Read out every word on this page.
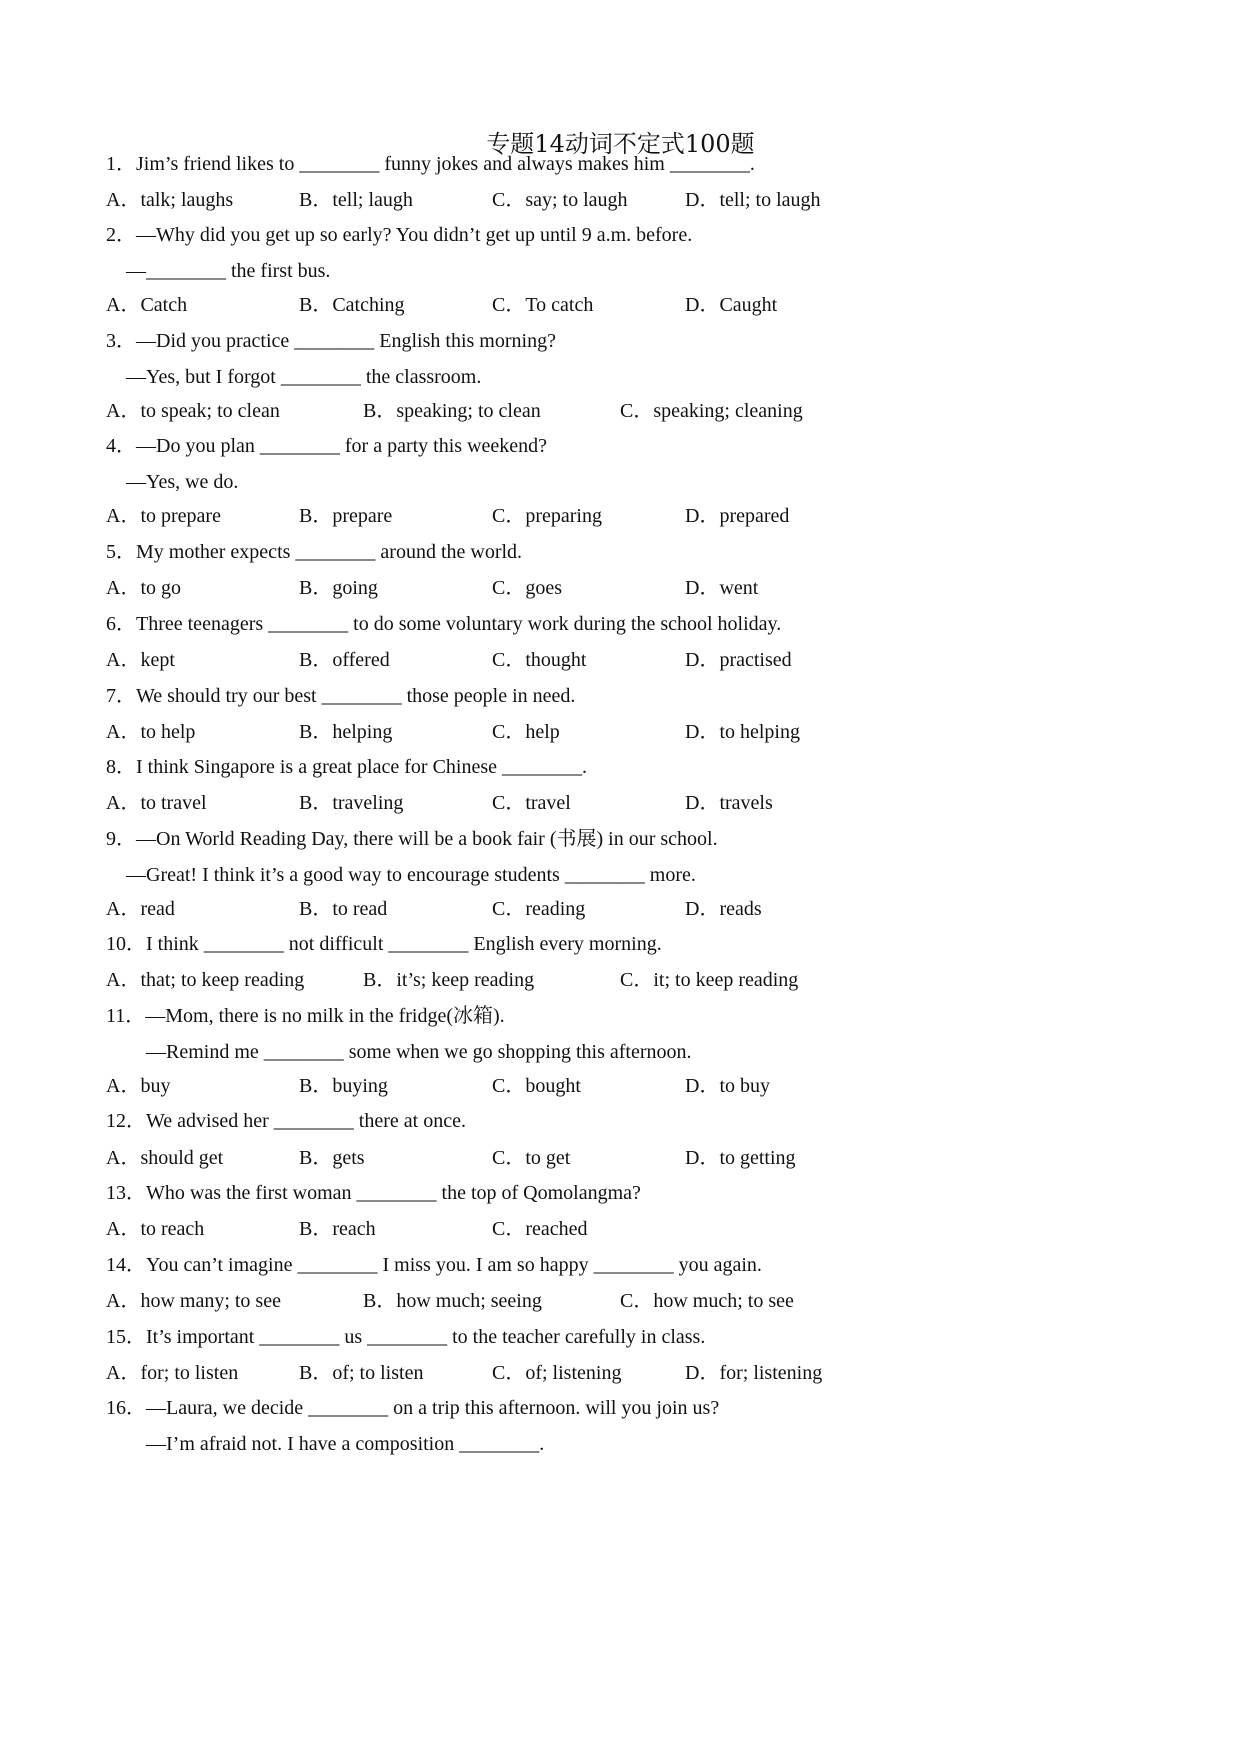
专题14动词不定式100题
1．Jim’s friend likes to ________ funny jokes and always makes him ________.
A．talk; laughs	B．tell; laugh	C．say; to laugh	D．tell; to laugh
2．—Why did you get up so early? You didn’t get up until 9 a.m. before.
—________ the first bus.
A．Catch	B．Catching	C．To catch	D．Caught
3．—Did you practice ________ English this morning?
—Yes, but I forgot ________ the classroom.
A．to speak; to clean	B．speaking; to clean	C．speaking; cleaning
4．—Do you plan ________ for a party this weekend?
—Yes, we do.
A．to prepare	B．prepare	C．preparing	D．prepared
5．My mother expects ________ around the world.
A．to go	B．going	C．goes	D．went
6．Three teenagers ________ to do some voluntary work during the school holiday.
A．kept	B．offered	C．thought	D．practised
7．We should try our best ________ those people in need.
A．to help	B．helping	C．help	D．to helping
8．I think Singapore is a great place for Chinese ________.
A．to travel	B．traveling	C．travel	D．travels
9．—On World Reading Day, there will be a book fair (书展) in our school.
—Great! I think it’s a good way to encourage students ________ more.
A．read	B．to read	C．reading	D．reads
10．I think ________ not difficult ________ English every morning.
A．that; to keep reading	B．it’s; keep reading	C．it; to keep reading
11．—Mom, there is no milk in the fridge(冰箱).
—Remind me ________ some when we go shopping this afternoon.
A．buy	B．buying	C．bought	D．to buy
12．We advised her ________ there at once.
A．should get	B．gets	C．to get	D．to getting
13．Who was the first woman ________ the top of Qomolangma?
A．to reach	B．reach	C．reached
14．You can’t imagine ________ I miss you. I am so happy ________ you again.
A．how many; to see	B．how much; seeing	C．how much; to see
15．It’s important ________ us ________ to the teacher carefully in class.
A．for; to listen	B．of; to listen	C．of; listening	D．for; listening
16．—Laura, we decide ________ on a trip this afternoon. will you join us?
—I’m afraid not. I have a composition ________.
